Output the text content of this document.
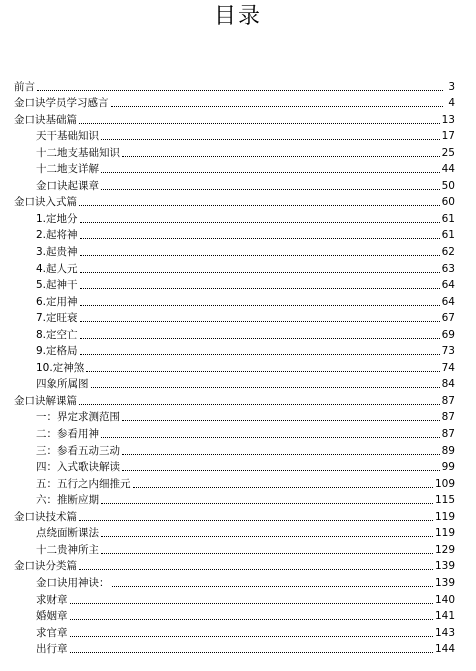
目录
前言	3
金口诀学员学习感言	4
金口诀基础篇	13
天干基础知识	17
十二地支基础知识	25
十二地支详解	44
金口诀起课章	50
金口诀入式篇	60
1.定地分	61
2.起将神	61
3.起贵神	62
4.起人元	63
5.起神干	64
6.定用神	64
7.定旺衰	67
8.定空亡	69
9.定格局	73
10.定神煞	74
四象所属图	84
金口诀解课篇	87
一：界定求测范围	87
二：参看用神	87
三：参看五动三动	89
四：入式歌诀解读	99
五：五行之内细推元	109
六：推断应期	115
金口诀技术篇	119
点绕面断课法	119
十二贵神所主	129
金口诀分类篇	139
金口诀用神诀：	139
求财章	140
婚姻章	141
求官章	143
出行章	144
